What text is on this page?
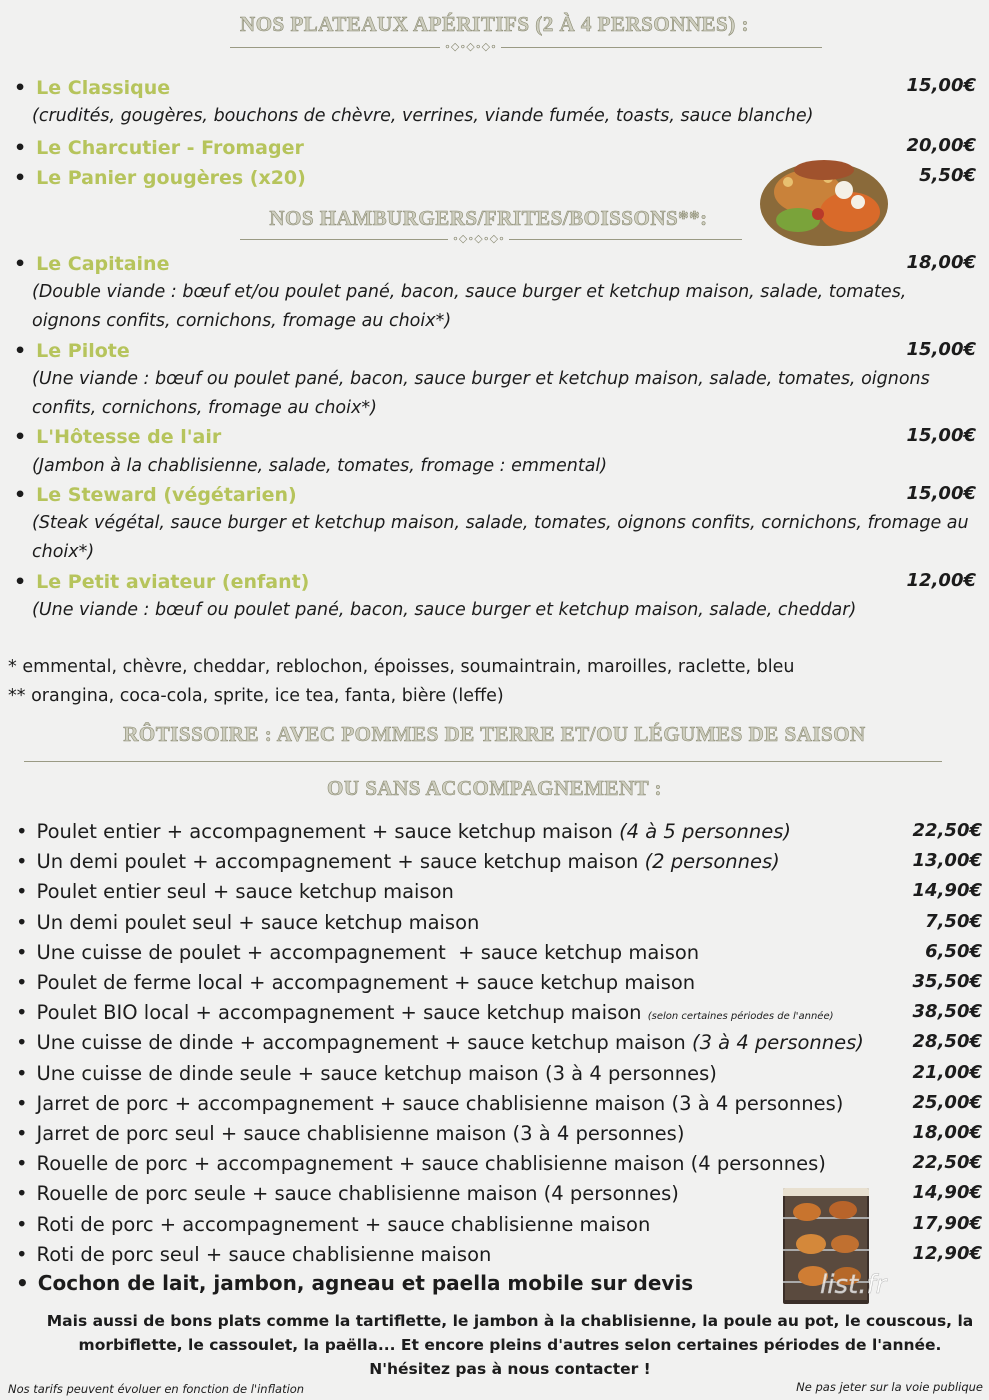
NOS PLATEAUX APÉRITIFS (2 À 4 PERSONNES) :
∘◇∘◇∘◇∘
• Le Classique	15,00€
(crudités, gougères, bouchons de chèvre, verrines, viande fumée, toasts, sauce blanche)
• Le Charcutier - Fromager	20,00€
• Le Panier gougères (x20)	5,50€
NOS HAMBURGERS/FRITES/BOISSONS**:
∘◇∘◇∘◇∘
• Le Capitaine	18,00€
(Double viande : bœuf et/ou poulet pané, bacon, sauce burger et ketchup maison, salade, tomates, oignons confits, cornichons, fromage au choix*)
• Le Pilote	15,00€
(Une viande : bœuf ou poulet pané, bacon, sauce burger et ketchup maison, salade, tomates, oignons confits, cornichons, fromage au choix*)
• L'Hôtesse de l'air	15,00€
(Jambon à la chablisienne, salade, tomates, fromage : emmental)
• Le Steward (végétarien)	15,00€
(Steak végétal, sauce burger et ketchup maison, salade, tomates, oignons confits, cornichons, fromage au choix*)
• Le Petit aviateur (enfant)	12,00€
(Une viande : bœuf ou poulet pané, bacon, sauce burger et ketchup maison, salade, cheddar)
* emmental, chèvre, cheddar, reblochon, époisses, soumaintrain, maroilles, raclette, bleu
** orangina, coca-cola, sprite, ice tea, fanta, bière (leffe)
RÔTISSOIRE : AVEC POMMES DE TERRE ET/OU LÉGUMES DE SAISON
OU SANS ACCOMPAGNEMENT :
• Poulet entier + accompagnement + sauce ketchup maison (4 à 5 personnes)	22,50€
• Un demi poulet + accompagnement + sauce ketchup maison (2 personnes)	13,00€
• Poulet entier seul + sauce ketchup maison	14,90€
• Un demi poulet seul + sauce ketchup maison	7,50€
• Une cuisse de poulet + accompagnement  + sauce ketchup maison	6,50€
• Poulet de ferme local + accompagnement + sauce ketchup maison	35,50€
• Poulet BIO local + accompagnement + sauce ketchup maison (selon certaines périodes de l'année)	38,50€
• Une cuisse de dinde + accompagnement + sauce ketchup maison (3 à 4 personnes)	28,50€
• Une cuisse de dinde seule + sauce ketchup maison (3 à 4 personnes)	21,00€
• Jarret de porc + accompagnement + sauce chablisienne maison (3 à 4 personnes)	25,00€
• Jarret de porc seul + sauce chablisienne maison (3 à 4 personnes)	18,00€
• Rouelle de porc + accompagnement + sauce chablisienne maison (4 personnes)	22,50€
• Rouelle de porc seule + sauce chablisienne maison (4 personnes)	14,90€
• Roti de porc + accompagnement + sauce chablisienne maison	17,90€
• Roti de porc seul + sauce chablisienne maison	12,90€
• Cochon de lait, jambon, agneau et paella mobile sur devis	list.fr
Mais aussi de bons plats comme la tartiflette, le jambon à la chablisienne, la poule au pot, le couscous, la
morbiflette, le cassoulet, la paëlla... Et encore pleins d'autres selon certaines périodes de l'année.
N'hésitez pas à nous contacter !
Nos tarifs peuvent évoluer en fonction de l'inflation	Ne pas jeter sur la voie publique
